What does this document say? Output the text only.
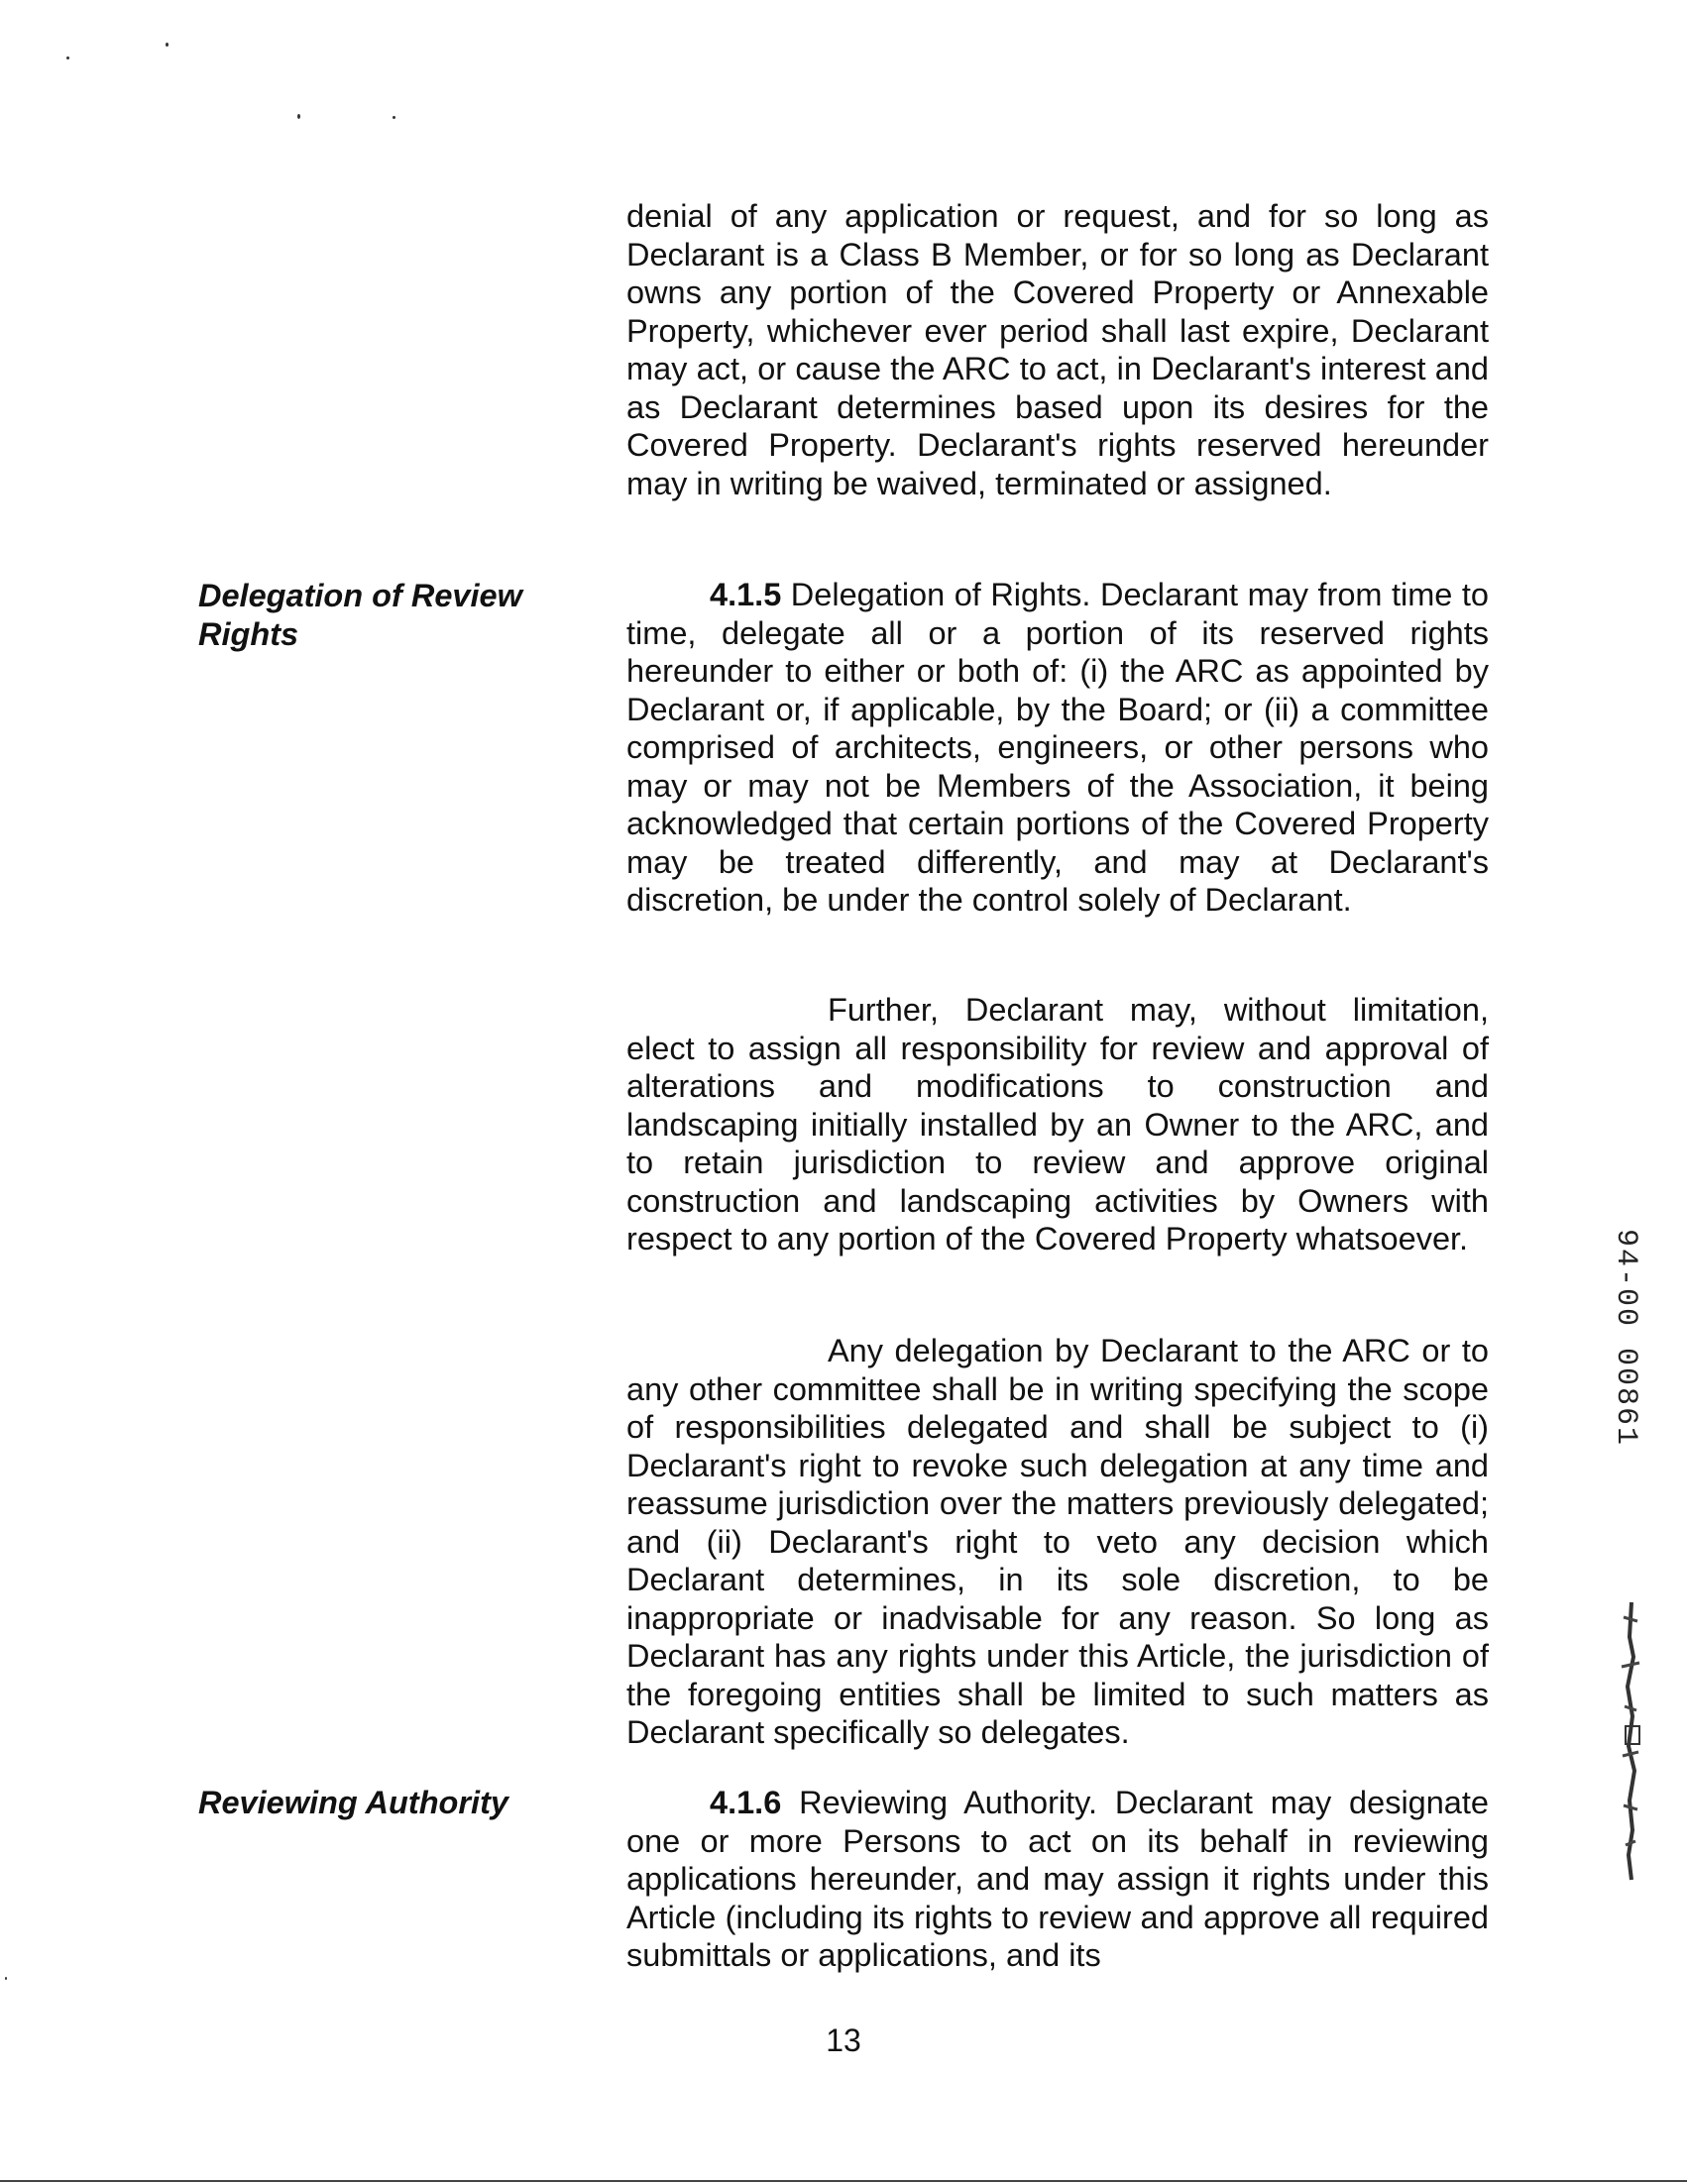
denial of any application or request, and for so long as Declarant is a Class B Member, or for so long as Declarant owns any portion of the Covered Property or Annexable Property, whichever ever period shall last expire, Declarant may act, or cause the ARC to act, in Declarant's interest and as Declarant determines based upon its desires for the Covered Property. Declarant's rights reserved hereunder may in writing be waived, terminated or assigned.

Delegation of Review Rights

4.1.5 Delegation of Rights. Declarant may from time to time, delegate all or a portion of its reserved rights hereunder to either or both of: (i) the ARC as appointed by Declarant or, if applicable, by the Board; or (ii) a committee comprised of architects, engineers, or other persons who may or may not be Members of the Association, it being acknowledged that certain portions of the Covered Property may be treated differently, and may at Declarant's discretion, be under the control solely of Declarant.

Further, Declarant may, without limitation, elect to assign all responsibility for review and approval of alterations and modifications to construction and landscaping initially installed by an Owner to the ARC, and to retain jurisdiction to review and approve original construction and landscaping activities by Owners with respect to any portion of the Covered Property whatsoever.

Any delegation by Declarant to the ARC or to any other committee shall be in writing specifying the scope of responsibilities delegated and shall be subject to (i) Declarant's right to revoke such delegation at any time and reassume jurisdiction over the matters previously delegated; and (ii) Declarant's right to veto any decision which Declarant determines, in its sole discretion, to be inappropriate or inadvisable for any reason. So long as Declarant has any rights under this Article, the jurisdiction of the foregoing entities shall be limited to such matters as Declarant specifically so delegates.

Reviewing Authority	4.1.6 Reviewing Authority. Declarant may designate one or more Persons to act on its behalf in reviewing applications hereunder, and may assign it rights under this Article (including its rights to review and approve all required submittals or applications, and its

13
94-00 00861
